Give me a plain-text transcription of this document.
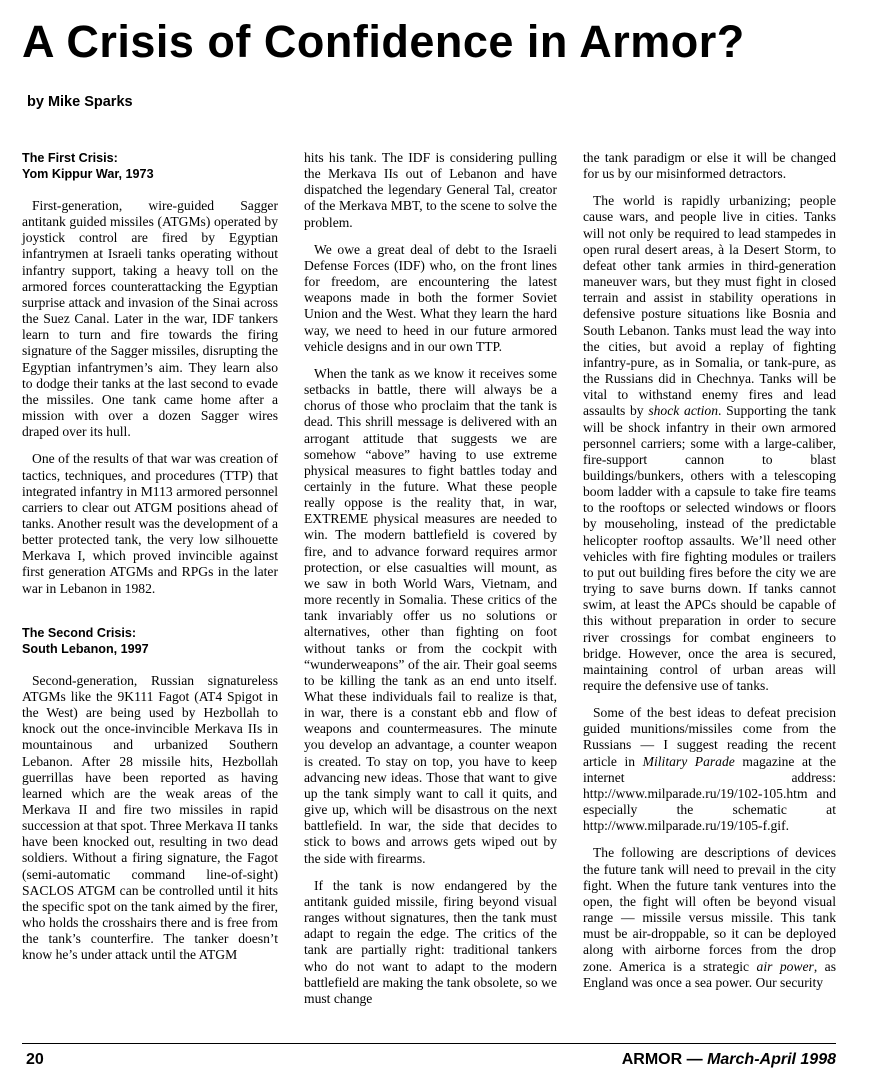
A Crisis of Confidence in Armor?
by Mike Sparks
The First Crisis:
Yom Kippur War, 1973

First-generation, wire-guided Sagger antitank guided missiles (ATGMs) operated by joystick control are fired by Egyptian infantrymen at Israeli tanks operating without infantry support, taking a heavy toll on the armored forces counterattacking the Egyptian surprise attack and invasion of the Sinai across the Suez Canal. Later in the war, IDF tankers learn to turn and fire towards the firing signature of the Sagger missiles, disrupting the Egyptian infantrymen’s aim. They learn also to dodge their tanks at the last second to evade the missiles. One tank came home after a mission with over a dozen Sagger wires draped over its hull.

One of the results of that war was creation of tactics, techniques, and procedures (TTP) that integrated infantry in M113 armored personnel carriers to clear out ATGM positions ahead of tanks. Another result was the development of a better protected tank, the very low silhouette Merkava I, which proved invincible against first generation ATGMs and RPGs in the later war in Lebanon in 1982.

The Second Crisis:
South Lebanon, 1997

Second-generation, Russian signatureless ATGMs like the 9K111 Fagot (AT4 Spigot in the West) are being used by Hezbollah to knock out the once-invincible Merkava IIs in mountainous and urbanized Southern Lebanon. After 28 missile hits, Hezbollah guerrillas have been reported as having learned which are the weak areas of the Merkava II and fire two missiles in rapid succession at that spot. Three Merkava II tanks have been knocked out, resulting in two dead soldiers. Without a firing signature, the Fagot (semi-automatic command line-of-sight) SACLOS ATGM can be controlled until it hits the specific spot on the tank aimed by the firer, who holds the crosshairs there and is free from the tank’s counterfire. The tanker doesn’t know he’s under attack until the ATGM

hits his tank. The IDF is considering pulling the Merkava IIs out of Lebanon and have dispatched the legendary General Tal, creator of the Merkava MBT, to the scene to solve the problem.

We owe a great deal of debt to the Israeli Defense Forces (IDF) who, on the front lines for freedom, are encountering the latest weapons made in both the former Soviet Union and the West. What they learn the hard way, we need to heed in our future armored vehicle designs and in our own TTP.

When the tank as we know it receives some setbacks in battle, there will always be a chorus of those who proclaim that the tank is dead. This shrill message is delivered with an arrogant attitude that suggests we are somehow “above” having to use extreme physical measures to fight battles today and certainly in the future. What these people really oppose is the reality that, in war, EXTREME physical measures are needed to win. The modern battlefield is covered by fire, and to advance forward requires armor protection, or else casualties will mount, as we saw in both World Wars, Vietnam, and more recently in Somalia. These critics of the tank invariably offer us no solutions or alternatives, other than fighting on foot without tanks or from the cockpit with “wunderweapons” of the air. Their goal seems to be killing the tank as an end unto itself. What these individuals fail to realize is that, in war, there is a constant ebb and flow of weapons and countermeasures. The minute you develop an advantage, a counter weapon is created. To stay on top, you have to keep advancing new ideas. Those that want to give up the tank simply want to call it quits, and give up, which will be disastrous on the next battlefield. In war, the side that decides to stick to bows and arrows gets wiped out by the side with firearms.

If the tank is now endangered by the antitank guided missile, firing beyond visual ranges without signatures, then the tank must adapt to regain the edge. The critics of the tank are partially right: traditional tankers who do not want to adapt to the modern battlefield are making the tank obsolete, so we must change

the tank paradigm or else it will be changed for us by our misinformed detractors.

The world is rapidly urbanizing; people cause wars, and people live in cities. Tanks will not only be required to lead stampedes in open rural desert areas, à la Desert Storm, to defeat other tank armies in third-generation maneuver wars, but they must fight in closed terrain and assist in stability operations in defensive posture situations like Bosnia and South Lebanon. Tanks must lead the way into the cities, but avoid a replay of fighting infantry-pure, as in Somalia, or tank-pure, as the Russians did in Chechnya. Tanks will be vital to withstand enemy fires and lead assaults by shock action. Supporting the tank will be shock infantry in their own armored personnel carriers; some with a large-caliber, fire-support cannon to blast buildings/bunkers, others with a telescoping boom ladder with a capsule to take fire teams to the rooftops or selected windows or floors by mouseholing, instead of the predictable helicopter rooftop assaults. We’ll need other vehicles with fire fighting modules or trailers to put out building fires before the city we are trying to save burns down. If tanks cannot swim, at least the APCs should be capable of this without preparation in order to secure river crossings for combat engineers to bridge. However, once the area is secured, maintaining control of urban areas will require the defensive use of tanks.

Some of the best ideas to defeat precision guided munitions/missiles come from the Russians — I suggest reading the recent article in Military Parade magazine at the internet address: http://www.milparade.ru/19/102-105.htm and especially the schematic at http://www.milparade.ru/19/105-f.gif.

The following are descriptions of devices the future tank will need to prevail in the city fight. When the future tank ventures into the open, the fight will often be beyond visual range — missile versus missile. This tank must be air-droppable, so it can be deployed along with airborne forces from the drop zone. America is a strategic air power, as England was once a sea power. Our security

20	ARMOR — March-April 1998
